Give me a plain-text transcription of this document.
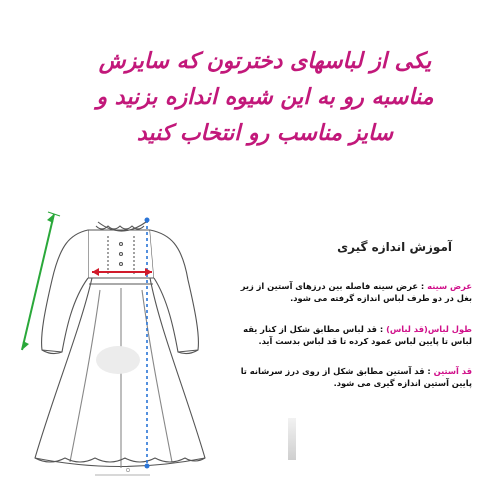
یکی از لباسهای دخترتون که سایزش
مناسبه رو به این شیوه اندازه بزنید و
سایز مناسب رو انتخاب کنید
آموزش اندازه گیری
عرض سینه : عرض سینه فاصله بین درزهای آستین از زیر بغل در دو طرف لباس اندازه گرفته می شود.
طول لباس(قد لباس) : قد لباس مطابق شکل از کنار یقه لباس تا پایین لباس عمود کرده تا قد لباس بدست آید.
قد آستین : قد آستین مطابق شکل از روی درز سرشانه تا پایین آستین اندازه گیری می شود.
